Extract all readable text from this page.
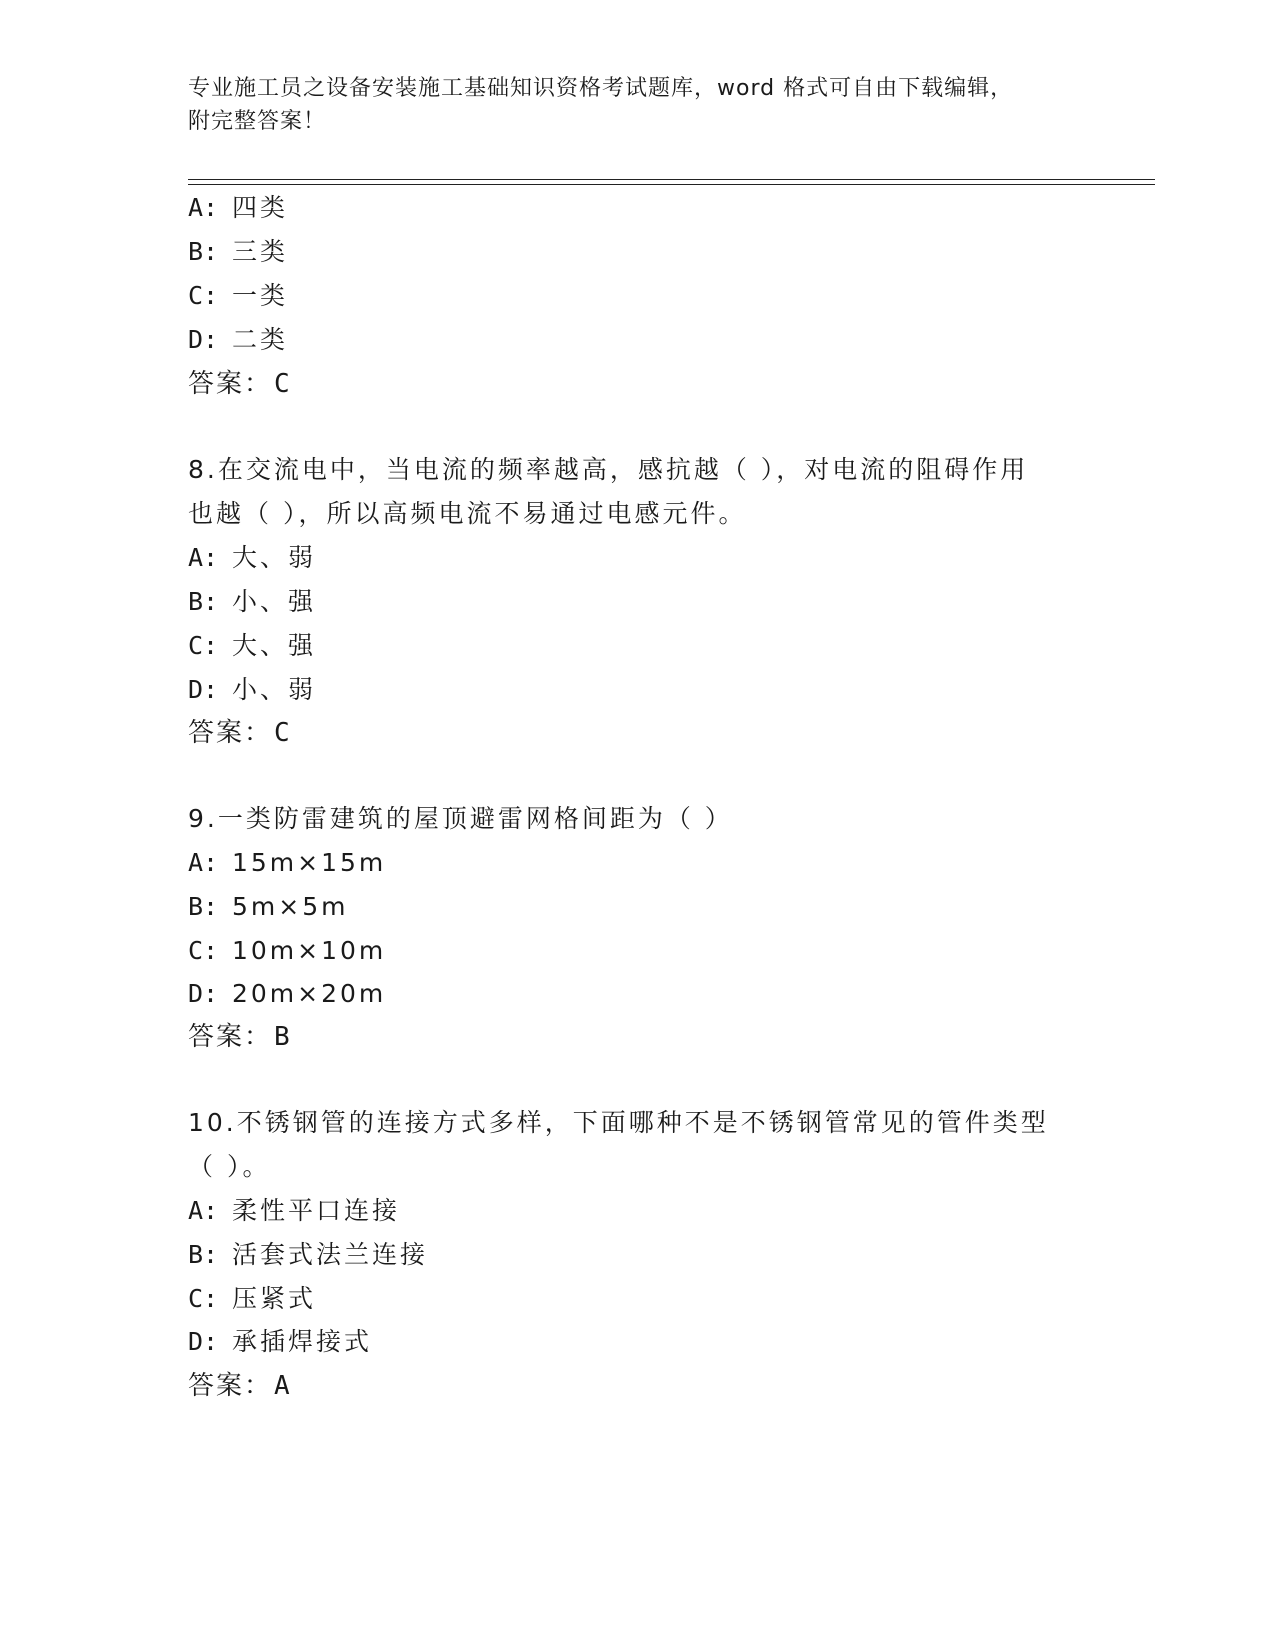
专业施工员之设备安装施工基础知识资格考试题库，word 格式可自由下载编辑，
附完整答案！
A: 四类
B: 三类
C: 一类
D: 二类
答案：C
8.在交流电中，当电流的频率越高，感抗越（ ），对电流的阻碍作用
也越（ ），所以高频电流不易通过电感元件。
A: 大、弱
B: 小、强
C: 大、强
D: 小、弱
答案：C
9.一类防雷建筑的屋顶避雷网格间距为（ ）
A: 15m×15m
B: 5m×5m
C: 10m×10m
D: 20m×20m
答案：B
10.不锈钢管的连接方式多样，下面哪种不是不锈钢管常见的管件类型
（ ）。
A: 柔性平口连接
B: 活套式法兰连接
C: 压紧式
D: 承插焊接式
答案：A
